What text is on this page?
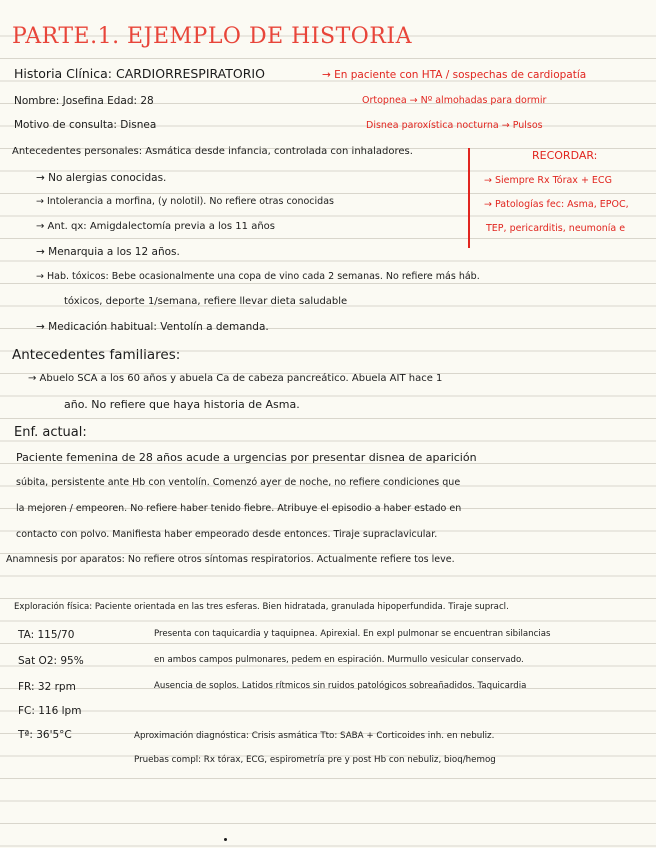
PARTE.1. EJEMPLO DE HISTORIA
Historia Clínica: CARDIORRESPIRATORIO	→ En paciente con HTA / sospechas de cardiopatía
Nombre: Josefina Edad: 28	Ortopnea → Nº almohadas para dormir
Motivo de consulta: Disnea	Disnea paroxística nocturna → Pulsos
Antecedentes personales: Asmática desde infancia, controlada con inhaladores.
→ No alergias conocidas.
→ Intolerancia a morfina, (y nolotil). No refiere otras conocidas
→ Ant. qx: Amigdalectomía previa a los 11 años
→ Menarquia a los 12 años.
→ Hab. tóxicos: Bebe ocasionalmente una copa de vino cada 2 semanas. No refiere más háb.
tóxicos, deporte 1/semana, refiere llevar dieta saludable
→ Medicación habitual: Ventolín a demanda.
RECORDAR:
→ Siempre Rx Tórax + ECG
→ Patologías fec: Asma, EPOC,
TEP, pericarditis, neumonía e
Antecedentes familiares:
→ Abuelo SCA a los 60 años y abuela Ca de cabeza pancreático. Abuela AIT hace 1
año. No refiere que haya historia de Asma.
Enf. actual:
Paciente femenina de 28 años acude a urgencias por presentar disnea de aparición
súbita, persistente ante Hb con ventolín. Comenzó ayer de noche, no refiere condiciones que
la mejoren / empeoren. No refiere haber tenido fiebre. Atribuye el episodio a haber estado en
contacto con polvo. Manifiesta haber empeorado desde entonces. Tiraje supraclavicular.
Anamnesis por aparatos: No refiere otros síntomas respiratorios. Actualmente refiere tos leve.
Exploración física: Paciente orientada en las tres esferas. Bien hidratada, granulada hipoperfundida. Tiraje supracl.
TA: 115/70
Sat O2: 95%
FR: 32 rpm
FC: 116 lpm
Tª: 36'5°C
Presenta con taquicardia y taquipnea. Apirexial. En expl pulmonar se encuentran sibilancias
en ambos campos pulmonares, pedem en espiración. Murmullo vesicular conservado.
Ausencia de soplos. Latidos rítmicos sin ruidos patológicos sobreañadidos. Taquicardia
Aproximación diagnóstica: Crisis asmática Tto: SABA + Corticoides inh. en nebuliz.
Pruebas compl: Rx tórax, ECG, espirometría pre y post Hb con nebuliz, bioq/hemog
